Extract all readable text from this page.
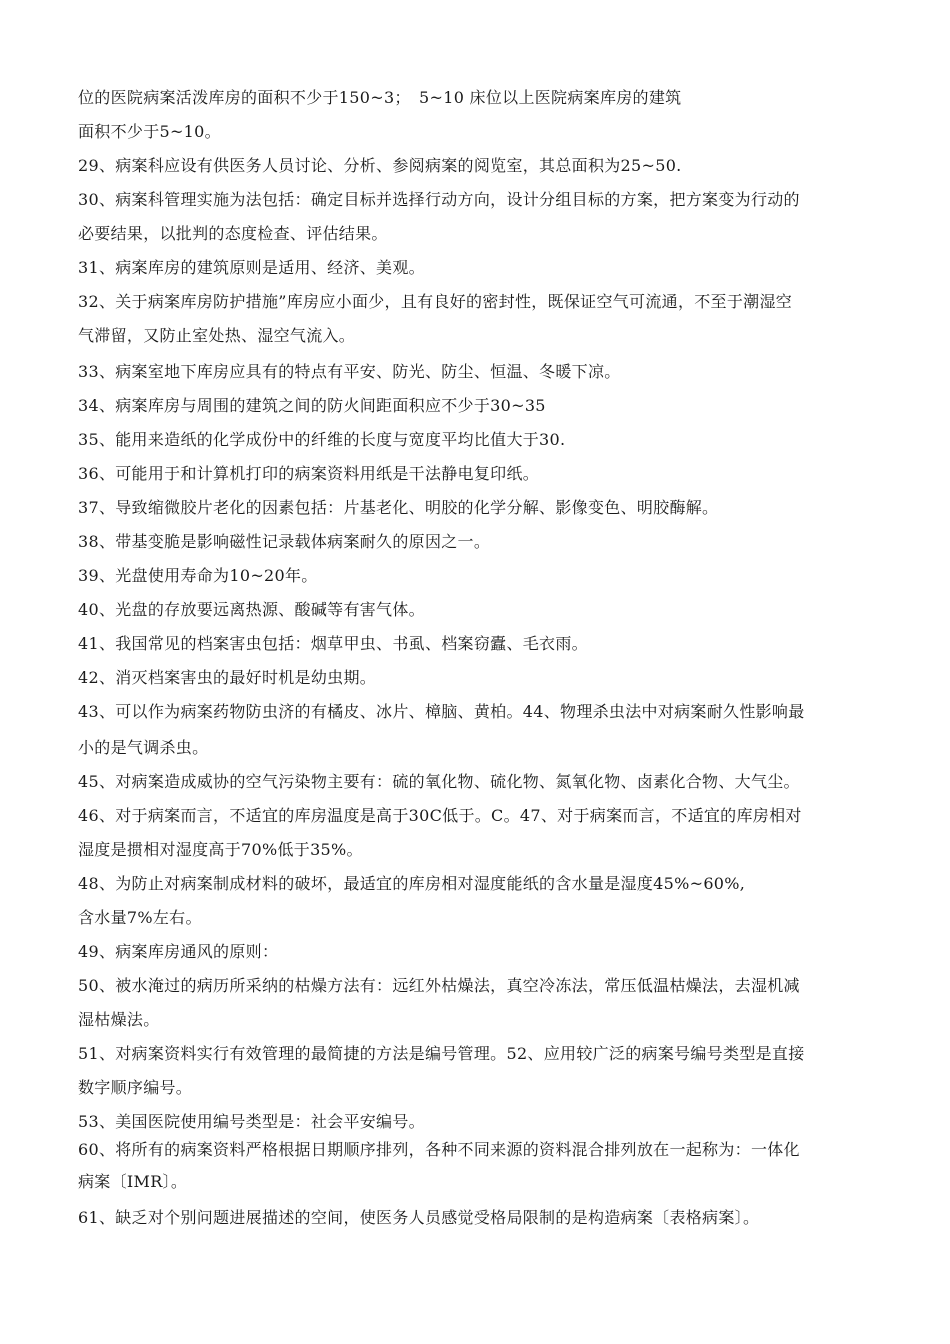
位的医院病案活泼库房的面积不少于150~3；　5~10 床位以上医院病案库房的建筑
面积不少于5~10。
29、病案科应设有供医务人员讨论、分析、参阅病案的阅览室，其总面积为25~50.
30、病案科管理实施为法包括：确定目标并选择行动方向，设计分组目标的方案，把方案变为行动的
必要结果，以批判的态度检查、评估结果。
31、病案库房的建筑原则是适用、经济、美观。
32、关于病案库房防护措施”库房应小面少，且有良好的密封性，既保证空气可流通，不至于潮湿空
气滞留，又防止室处热、湿空气流入。
33、病案室地下库房应具有的特点有平安、防光、防尘、恒温、冬暖下凉。
34、病案库房与周围的建筑之间的防火间距面积应不少于30~35
35、能用来造纸的化学成份中的纤维的长度与宽度平均比值大于30.
36、可能用于和计算机打印的病案资料用纸是干法静电复印纸。
37、导致缩微胶片老化的因素包括：片基老化、明胶的化学分解、影像变色、明胶酶解。
38、带基变脆是影响磁性记录载体病案耐久的原因之一。
39、光盘使用寿命为10~20年。
40、光盘的存放要远离热源、酸碱等有害气体。
41、我国常见的档案害虫包括：烟草甲虫、书虱、档案窃蠹、毛衣雨。
42、消灭档案害虫的最好时机是幼虫期。
43、可以作为病案药物防虫济的有橘皮、冰片、樟脑、黄柏。44、物理杀虫法中对病案耐久性影响最
小的是气调杀虫。
45、对病案造成威协的空气污染物主要有：硫的氧化物、硫化物、氮氧化物、卤素化合物、大气尘。
46、对于病案而言，不适宜的库房温度是高于30C低于。C。47、对于病案而言，不适宜的库房相对
湿度是掼相对湿度高于70%低于35%。
48、为防止对病案制成材料的破坏，最适宜的库房相对湿度能纸的含水量是湿度45%~60%,
含水量7%左右。
49、病案库房通风的原则：
50、被水淹过的病历所采纳的枯燥方法有：远红外枯燥法，真空冷冻法，常压低温枯燥法，去湿机减
湿枯燥法。
51、对病案资料实行有效管理的最简捷的方法是编号管理。52、应用较广泛的病案号编号类型是直接
数字顺序编号。
53、美国医院使用编号类型是：社会平安编号。
60、将所有的病案资料严格根据日期顺序排列，各种不同来源的资料混合排列放在一起称为：一体化
病案〔IMR〕。
61、缺乏对个别问题进展描述的空间，使医务人员感觉受格局限制的是构造病案〔表格病案〕。
